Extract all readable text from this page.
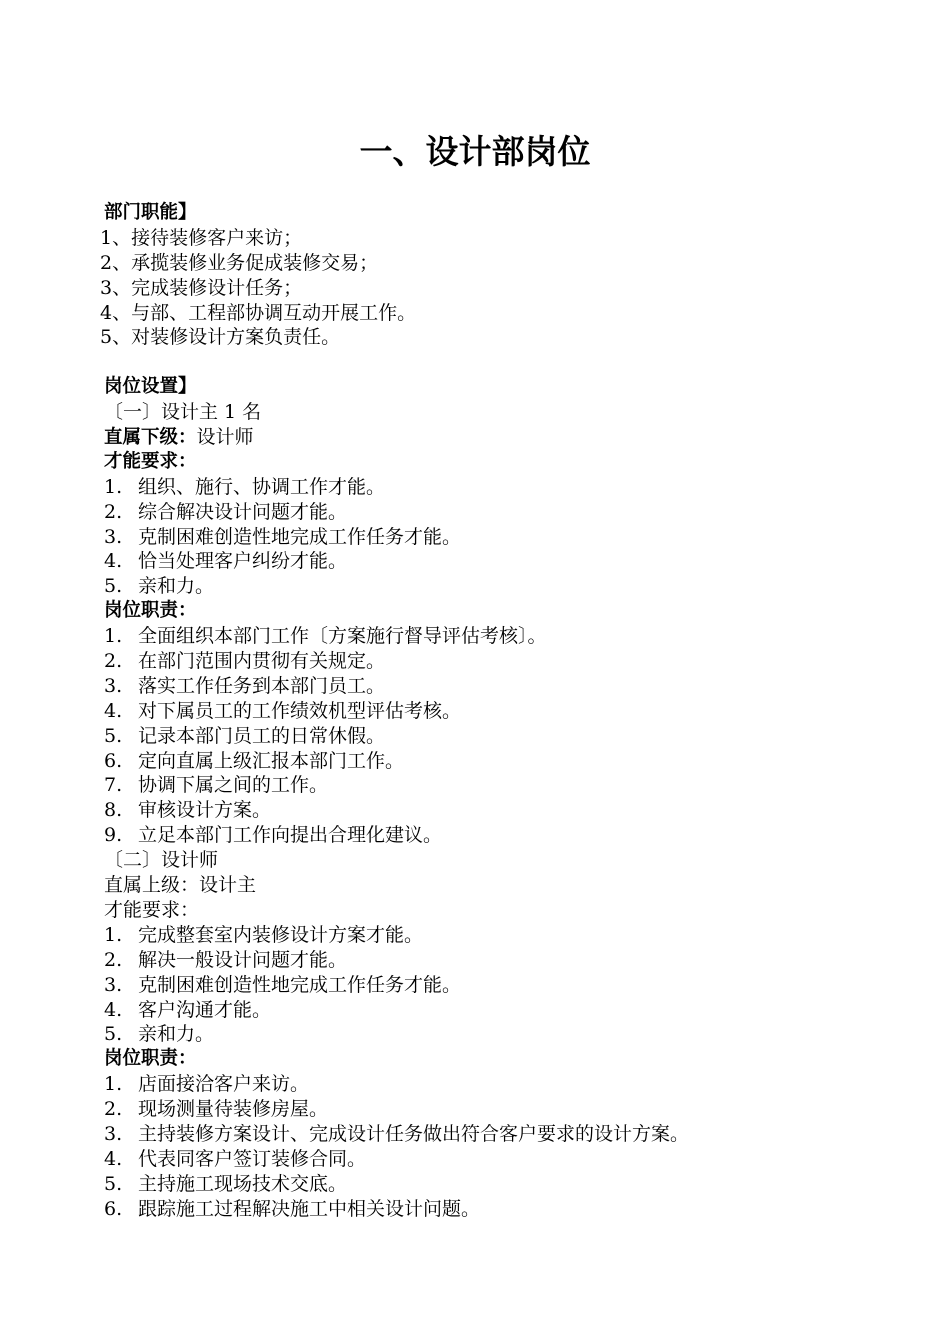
一、设计部岗位
部门职能】
1、接待装修客户来访；
2、承揽装修业务促成装修交易；
3、完成装修设计任务；
4、与部、工程部协调互动开展工作。
5、对装修设计方案负责任。
岗位设置】
〔一〕设计主 1 名
直属下级：设计师
才能要求：
1. 组织、施行、协调工作才能。
2. 综合解决设计问题才能。
3. 克制困难创造性地完成工作任务才能。
4. 恰当处理客户纠纷才能。
5. 亲和力。
岗位职责：
1. 全面组织本部门工作〔方案施行督导评估考核〕。
2. 在部门范围内贯彻有关规定。
3. 落实工作任务到本部门员工。
4. 对下属员工的工作绩效机型评估考核。
5. 记录本部门员工的日常休假。
6. 定向直属上级汇报本部门工作。
7. 协调下属之间的工作。
8. 审核设计方案。
9. 立足本部门工作向提出合理化建议。
〔二〕设计师
直属上级：设计主
才能要求：
1. 完成整套室内装修设计方案才能。
2. 解决一般设计问题才能。
3. 克制困难创造性地完成工作任务才能。
4. 客户沟通才能。
5. 亲和力。
岗位职责：
1. 店面接洽客户来访。
2. 现场测量待装修房屋。
3. 主持装修方案设计、完成设计任务做出符合客户要求的设计方案。
4. 代表同客户签订装修合同。
5. 主持施工现场技术交底。
6. 跟踪施工过程解决施工中相关设计问题。
